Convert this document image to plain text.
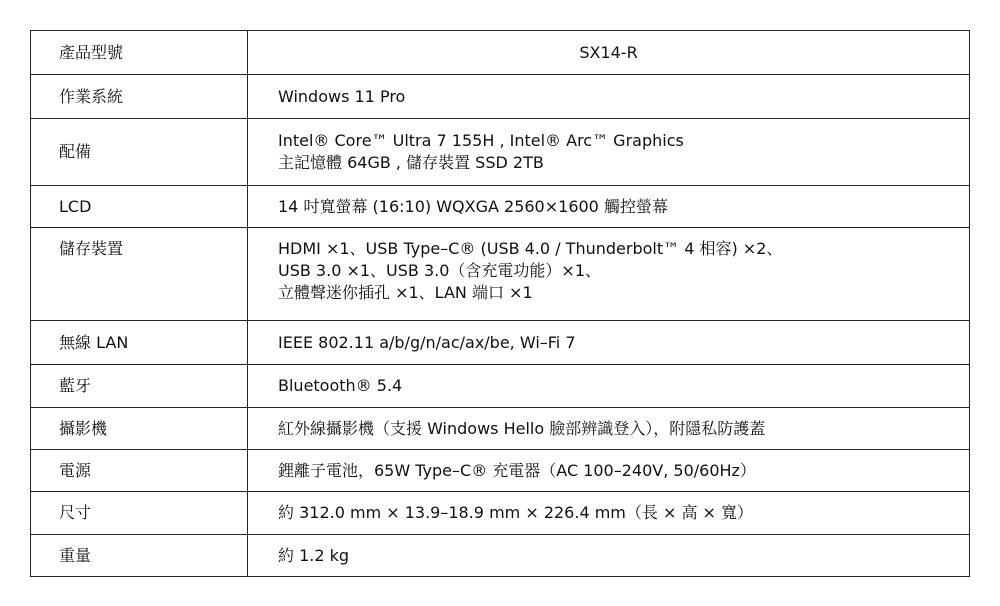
產品型號	SX14-R

作業系統	Windows 11 Pro

配備	Intel® Core™ Ultra 7 155H , Intel® Arc™ Graphics
主記憶體 64GB , 儲存裝置 SSD 2TB

LCD	14 吋寬螢幕 (16:10) WQXGA 2560×1600 觸控螢幕

儲存裝置	HDMI ×1、USB Type–C® (USB 4.0 / Thunderbolt™ 4 相容) ×2、
USB 3.0 ×1、USB 3.0（含充電功能）×1、
立體聲迷你插孔 ×1、LAN 端口 ×1

無線 LAN	IEEE 802.11 a/b/g/n/ac/ax/be, Wi–Fi 7

藍牙	Bluetooth® 5.4

攝影機	紅外線攝影機（支援 Windows Hello 臉部辨識登入），附隱私防護蓋

電源	鋰離子電池，65W Type–C® 充電器（AC 100–240V, 50/60Hz）

尺寸	約 312.0 mm × 13.9–18.9 mm × 226.4 mm（長 × 高 × 寬）

重量	約 1.2 kg
